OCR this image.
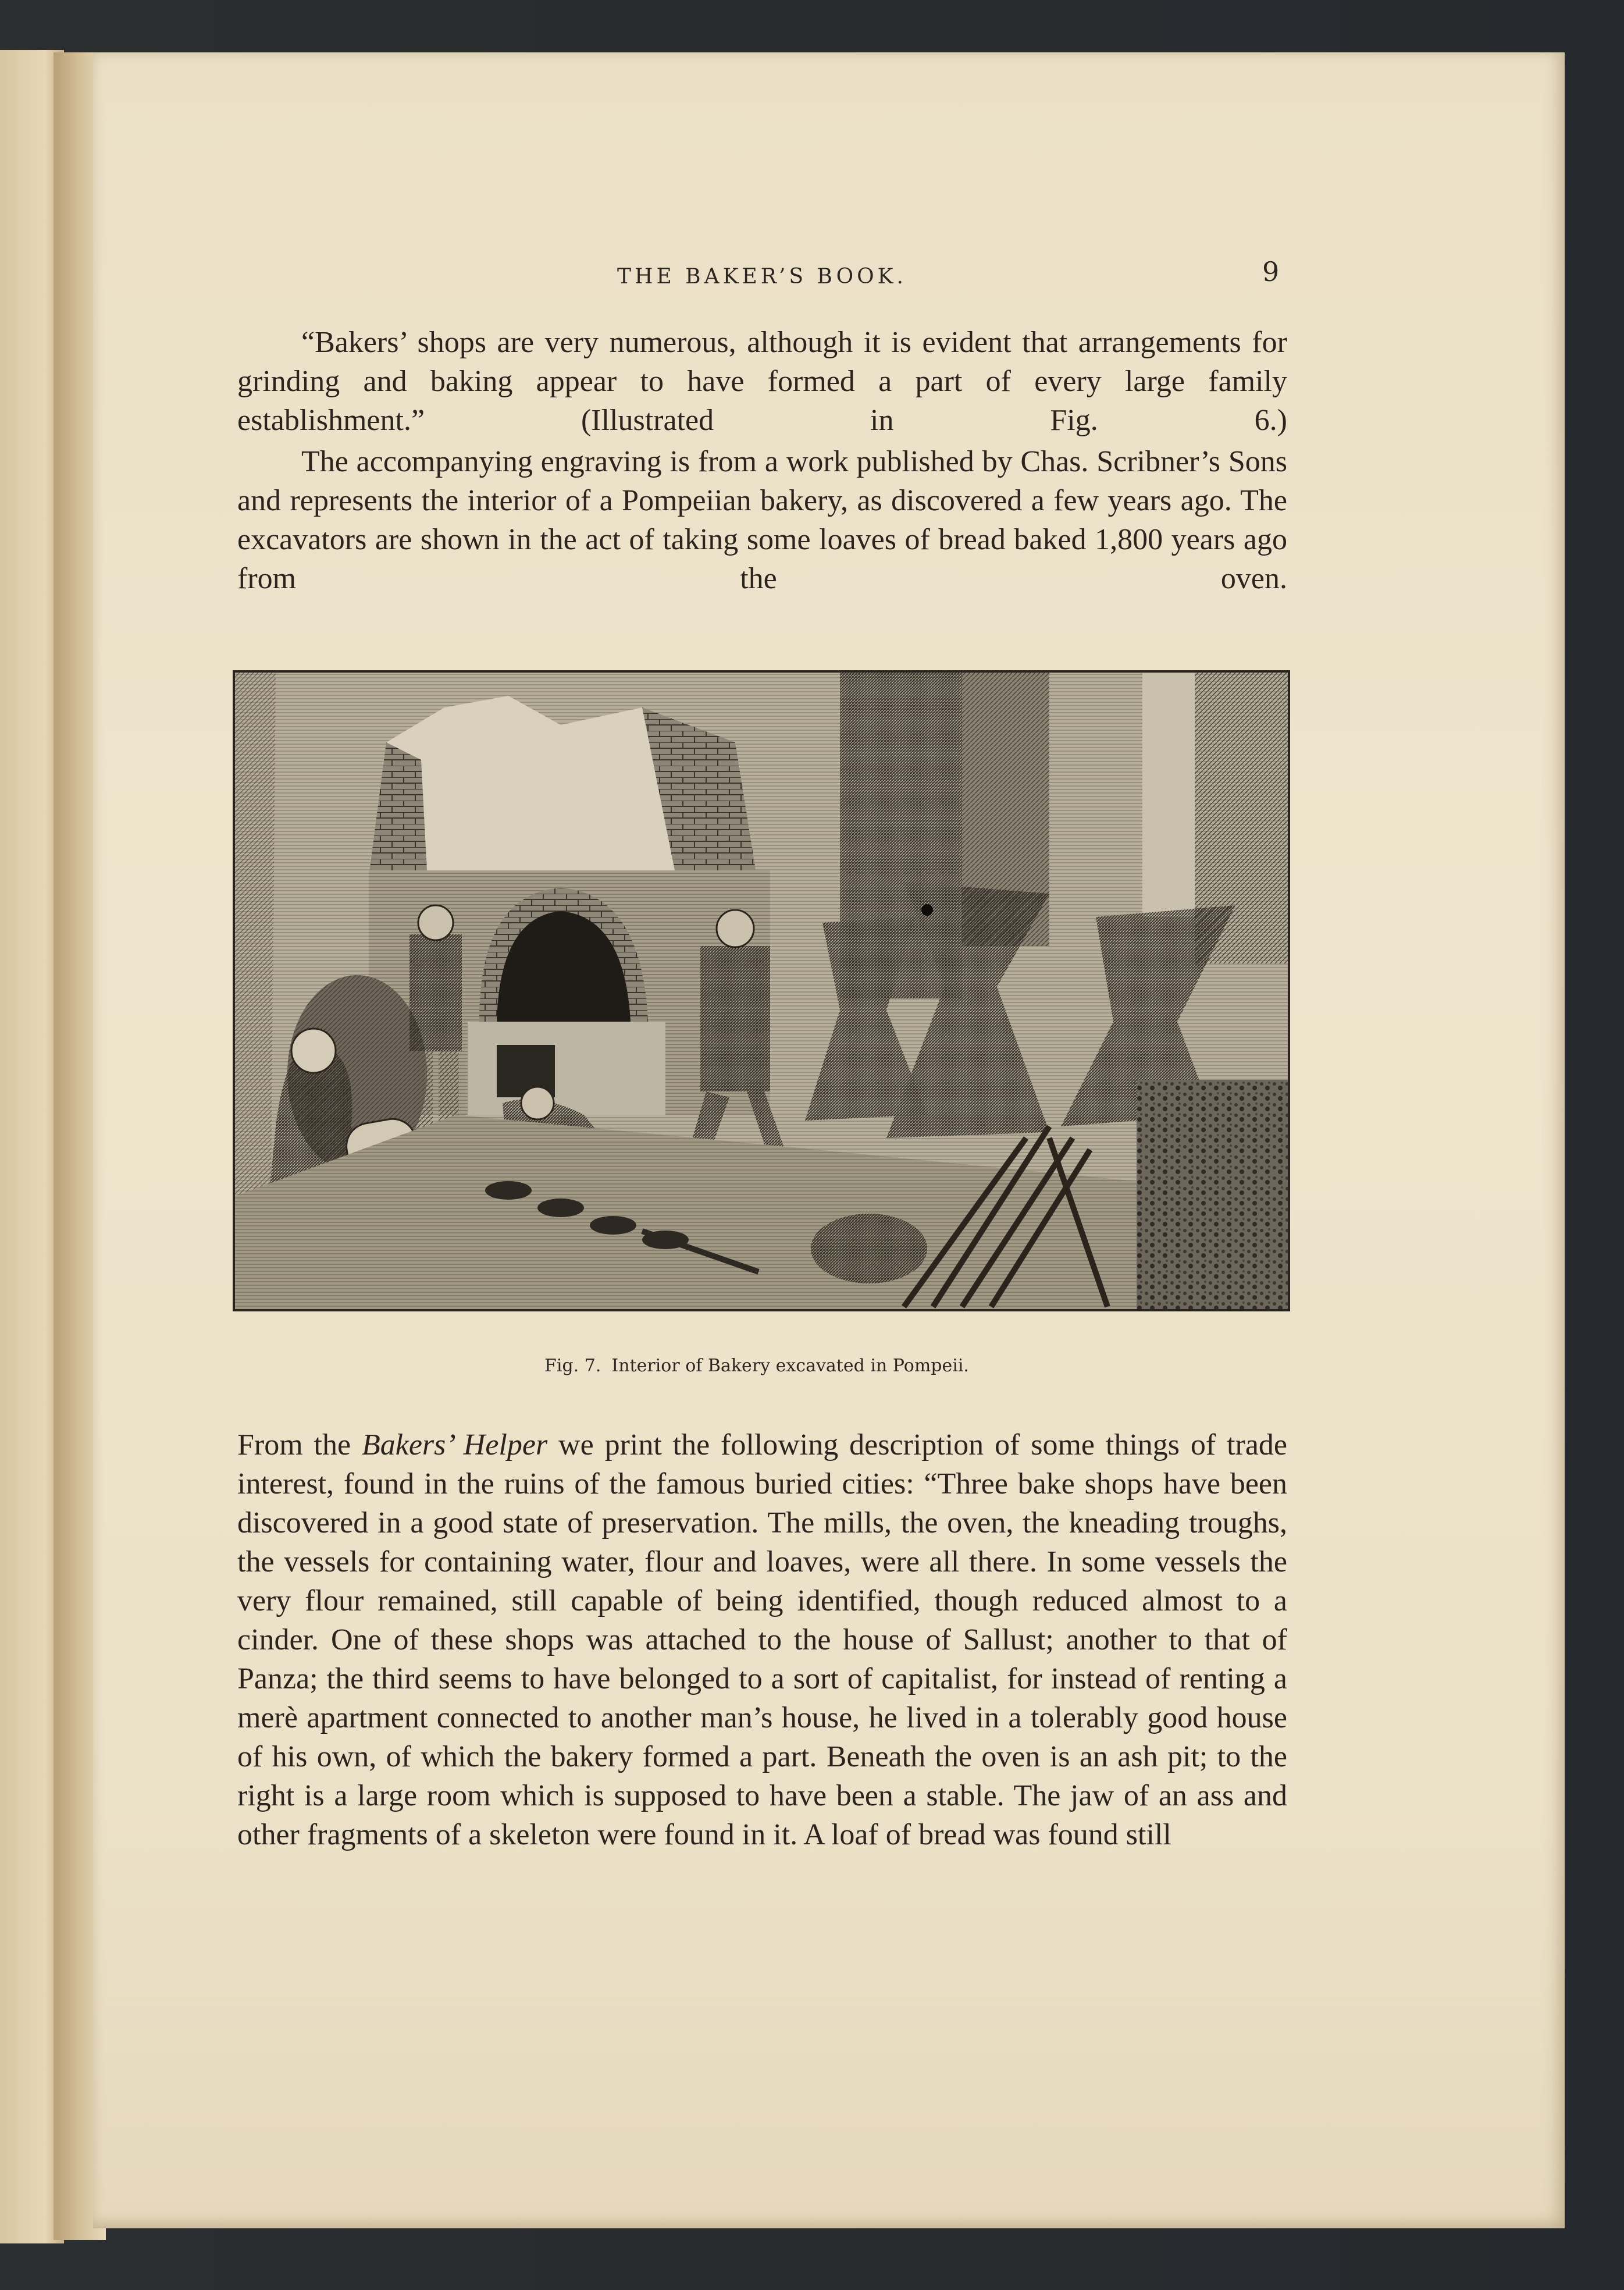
THE BAKER’S BOOK.	9

“Bakers’ shops are very numerous, although it is evident that arrangements for grinding and baking appear to have formed a part of every large family establishment.” (Illustrated in Fig. 6.)

The accompanying engraving is from a work published by Chas. Scribner’s Sons and represents the interior of a Pompeiian bakery, as discovered a few years ago. The excavators are shown in the act of taking some loaves of bread baked 1,800 years ago from the oven.

Fig. 7. Interior of Bakery excavated in Pompeii.

From the Bakers’ Helper we print the following description of some things of trade interest, found in the ruins of the famous buried cities: “Three bake shops have been discovered in a good state of preservation. The mills, the oven, the kneading troughs, the vessels for containing water, flour and loaves, were all there. In some vessels the very flour remained, still capable of being identified, though reduced almost to a cinder. One of these shops was attached to the house of Sallust; another to that of Panza; the third seems to have belonged to a sort of capitalist, for instead of renting a merè apartment connected to another man’s house, he lived in a tolerably good house of his own, of which the bakery formed a part. Beneath the oven is an ash pit; to the right is a large room which is supposed to have been a stable. The jaw of an ass and other fragments of a skeleton were found in it. A loaf of bread was found still
